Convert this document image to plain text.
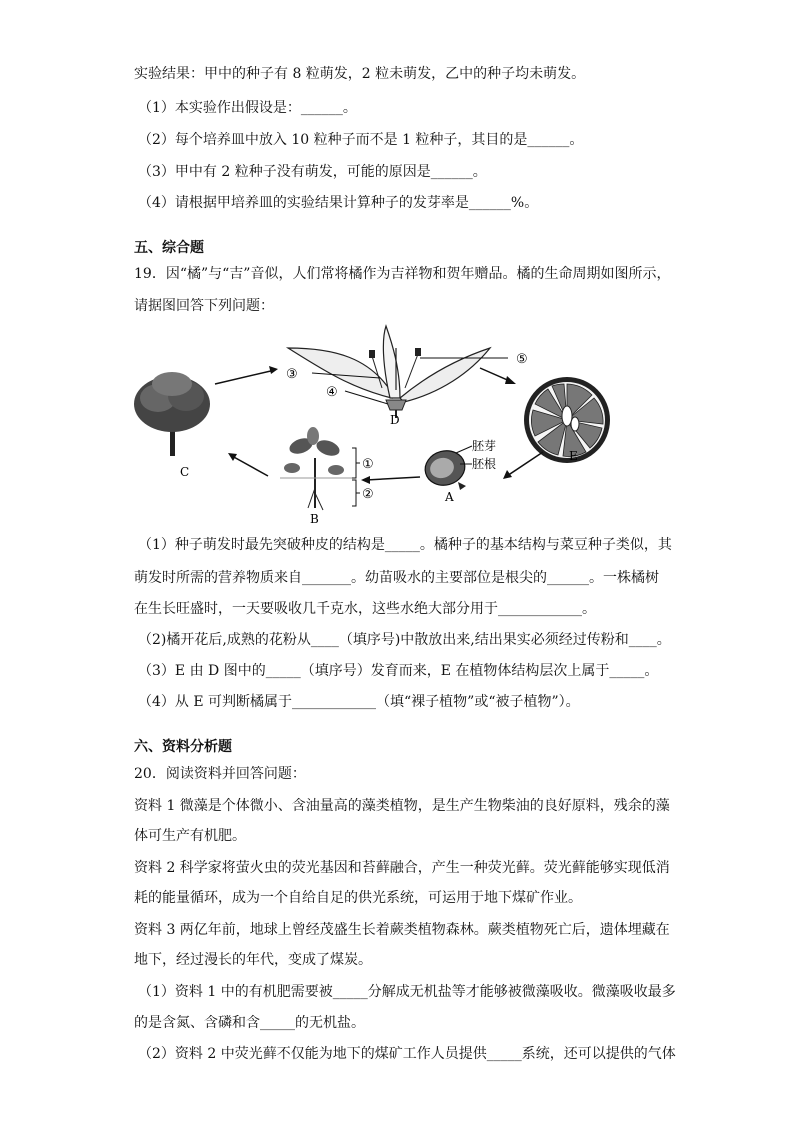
实验结果：甲中的种子有 8 粒萌发，2 粒未萌发，乙中的种子均未萌发。
（1）本实验作出假设是：______。
（2）每个培养皿中放入 10 粒种子而不是 1 粒种子，其目的是______。
（3）甲中有 2 粒种子没有萌发，可能的原因是______。
（4）请根据甲培养皿的实验结果计算种子的发芽率是______%。
五、综合题
19．因“橘”与“吉”音似，人们常将橘作为吉祥物和贺年赠品。橘的生命周期如图所示，
请据图回答下列问题：
C
③
④
⑤
D
E
胚芽
胚根
A
①
②
B
（1）种子萌发时最先突破种皮的结构是_____。橘种子的基本结构与菜豆种子类似，其
萌发时所需的营养物质来自_______。幼苗吸水的主要部位是根尖的______。一株橘树
在生长旺盛时，一天要吸收几千克水，这些水绝大部分用于____________。
（2)橘开花后,成熟的花粉从____（填序号)中散放出来,结出果实必须经过传粉和____。
（3）E 由 D 图中的_____（填序号）发育而来，E 在植物体结构层次上属于_____。
（4）从 E 可判断橘属于____________（填“裸子植物”或“被子植物”）。
六、资料分析题
20．阅读资料并回答问题：
资料 1 微藻是个体微小、含油量高的藻类植物，是生产生物柴油的良好原料，残余的藻
体可生产有机肥。
资料 2 科学家将萤火虫的荧光基因和苔藓融合，产生一种荧光藓。荧光藓能够实现低消
耗的能量循环，成为一个自给自足的供光系统，可运用于地下煤矿作业。
资料 3 两亿年前，地球上曾经茂盛生长着蕨类植物森林。蕨类植物死亡后，遗体埋藏在
地下，经过漫长的年代，变成了煤炭。
（1）资料 1 中的有机肥需要被_____分解成无机盐等才能够被微藻吸收。微藻吸收最多
的是含氮、含磷和含_____的无机盐。
（2）资料 2 中荧光藓不仅能为地下的煤矿工作人员提供_____系统，还可以提供的气体
